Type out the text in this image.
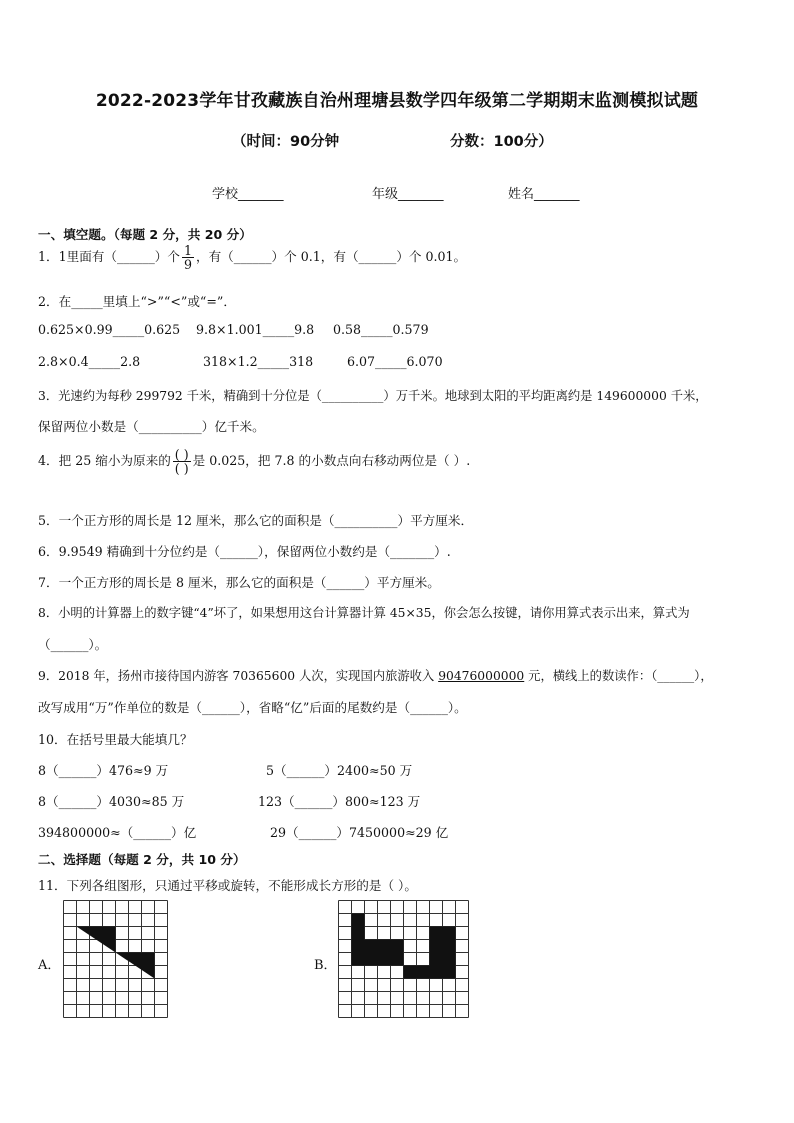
2022-2023学年甘孜藏族自治州理塘县数学四年级第二学期期末监测模拟试题
（时间：90分钟	分数：100分）
学校_______	年级_______	姓名_______
一、填空题。（每题 2 分，共 20 分）
1．1里面有（______）个 $\frac{1}{9}$ ，有（______）个 0.1，有（______）个 0.01。
2．在_____里填上“>”“<”或“=”．
0.625×0.99_____0.625 9.8×1.001_____9.8 0.58_____0.579
2.8×0.4_____2.8	318×1.2_____318	6.07_____6.070
3．光速约为每秒 299792 千米，精确到十分位是（__________）万千米。地球到太阳的平均距离约是 149600000 千米，
保留两位小数是（__________）亿千米。
4．把 25 缩小为原来的 $\frac{( )}{( )}$ 是 0.025，把 7.8 的小数点向右移动两位是（ ）.
5．一个正方形的周长是 12 厘米，那么它的面积是（__________）平方厘米．
6．9.9549 精确到十分位约是（______），保留两位小数约是（_______）.
7．一个正方形的周长是 8 厘米，那么它的面积是（______）平方厘米。
8．小明的计算器上的数字键“4”坏了，如果想用这台计算器计算 45×35，你会怎么按键，请你用算式表示出来，算式为
（______）。
9．2018 年，扬州市接待国内游客 70365600 人次，实现国内旅游收入 90476000000 元，横线上的数读作：（______），
改写成用“万”作单位的数是（______），省略“亿”后面的尾数约是（______）。
10．在括号里最大能填几？
8（______）476≈9 万	5（______）2400≈50 万
8（______）4030≈85 万	123（______）800≈123 万
394800000≈（______）亿	29（______）7450000≈29 亿
二、选择题（每题 2 分，共 10 分）
11．下列各组图形，只通过平移或旋转，不能形成长方形的是（ ）。
A．	B．
